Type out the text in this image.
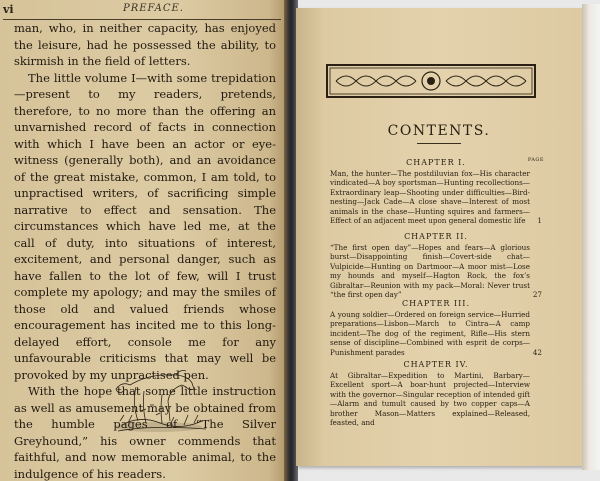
vi	PREFACE.

man, who, in neither capacity, has enjoyed the leisure, had he possessed the ability, to skirmish in the field of letters.

The little volume I—with some trepidation—present to my readers, pretends, therefore, to no more than the offering an unvarnished record of facts in connection with which I have been an actor or eye-witness (generally both), and an avoidance of the great mistake, common, I am told, to unpractised writers, of sacrificing simple narrative to effect and sensation. The circumstances which have led me, at the call of duty, into situations of interest, excitement, and personal danger, such as have fallen to the lot of few, will I trust complete my apology; and may the smiles of those old and valued friends whose encouragement has incited me to this long-delayed effort, console me for any unfavourable criticisms that may well be provoked by my unpractised pen.

With the hope that some little instruction as well as amusement may be obtained from the humble pages of “The Silver Greyhound,” his owner commends that faithful, and now memorable animal, to the indulgence of his readers.

CONTENTS.
PAGE
CHAPTER I.
Man, the hunter—The postdiluvian fox—His character vindicated—A boy sportsman—Hunting recollections—Extraordinary leap—Shooting under difficulties—Bird-nesting—Jack Cade—A close shave—Interest of most animals in the chase—Hunting squires and farmers—Effect of an adjacent meet upon general domestic life 1
CHAPTER II.
“The first open day”—Hopes and fears—A glorious burst—Disappointing finish—Covert-side chat—Vulpicide—Hunting on Dartmoor—A moor mist—Lose my hounds and myself—Hagton Rock, the fox’s Gibraltar—Reunion with my pack—Moral: Never trust “the first open day”	27
CHAPTER III.
A young soldier—Ordered on foreign service—Hurried preparations—Lisbon—March to Cintra—A camp incident—The dog of the regiment, Rifle—His stern sense of discipline—Combined with esprit de corps—Punishment parades	42
CHAPTER IV.
At Gibraltar—Expedition to Martini, Barbary—Excellent sport—A boar-hunt projected—Interview with the governor—Singular reception of intended gift—Alarm and tumult caused by two copper caps—A brother Mason—Matters explained—Released, feasted, and
